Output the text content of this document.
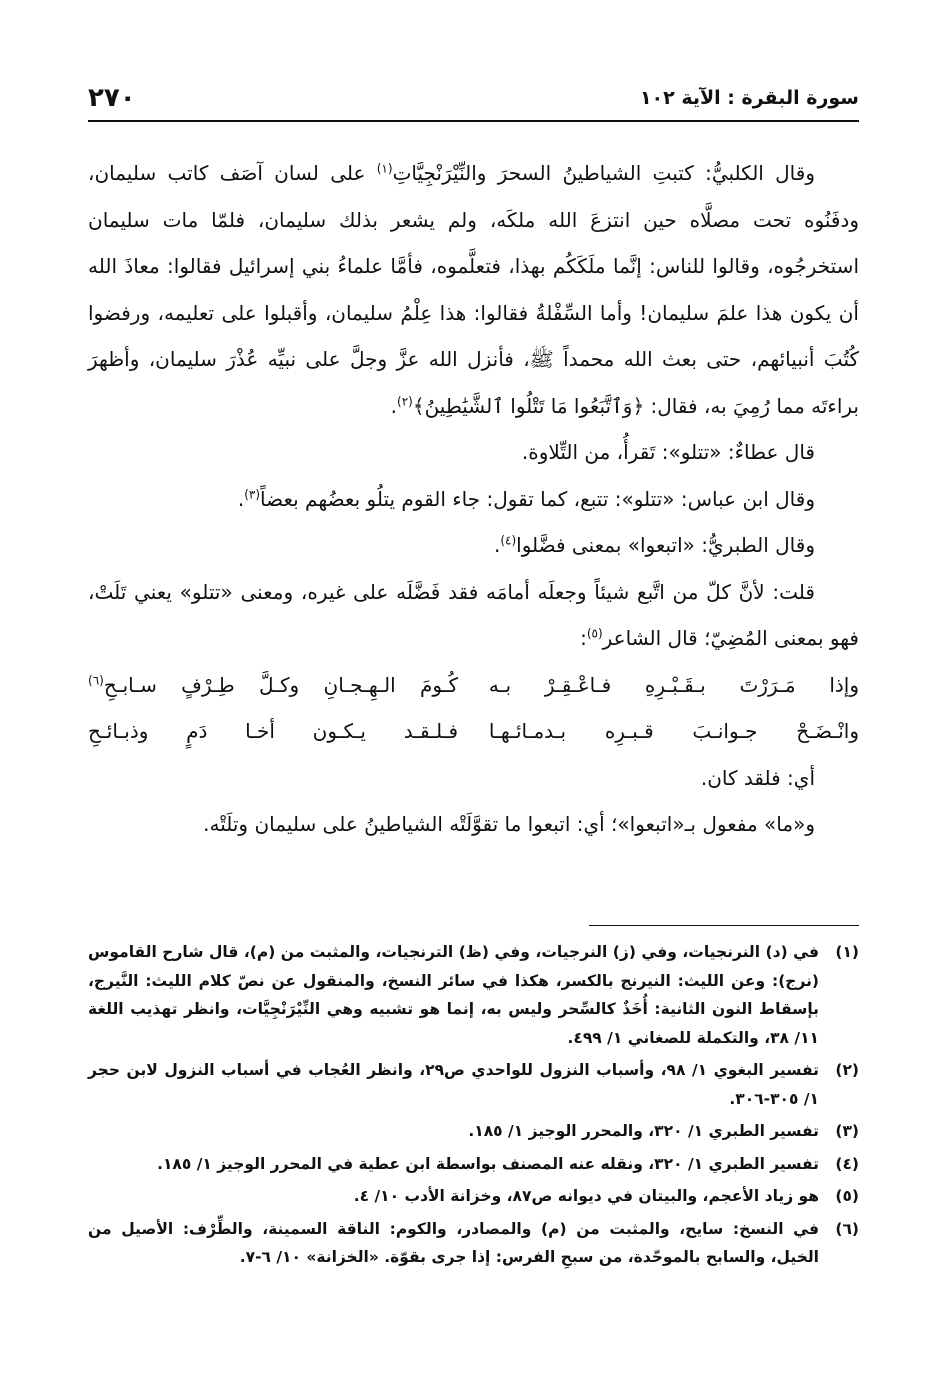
سورة البقرة : الآية ١٠٢
٢٧٠

وقال الكلبيُّ: كتبتِ الشياطينُ السحرَ والنِّيْرَنْجِيَّاتِ$^{(١)}$ على لسان آصَف كاتب سليمان، ودفَنُوه تحت مصلَّاه حين انتزعَ الله ملكَه، ولم يشعر بذلك سليمان، فلمّا مات سليمان استخرجُوه، وقالوا للناس: إنَّما ملَكَكُم بهذا، فتعلَّموه، فأمَّا علماءُ بني إسرائيل فقالوا: معاذَ الله أن يكون هذا علمَ سليمان! وأما السِّفْلةُ فقالوا: هذا عِلْمُ سليمان، وأقبلوا على تعليمه، ورفضوا كُتُبَ أنبيائهم، حتى بعث الله محمداً ﷺ، فأنزل الله عزَّ وجلَّ على نبيِّه عُذْرَ سليمان، وأظهرَ براءتَه مما رُمِيَ به، فقال: ﴿وَٱتَّبَعُوا مَا تَتْلُوا ٱلشَّيَٰطِينُ﴾$^{(٢)}$.

قال عطاءٌ: «تتلو»: تَقرأُ، من التِّلاوة.

وقال ابن عباس: «تتلو»: تتبع، كما تقول: جاء القوم يتلُو بعضُهم بعضاً$^{(٣)}$.

وقال الطبريُّ: «اتبعوا» بمعنى فضَّلوا$^{(٤)}$.

قلت: لأنَّ كلّ من اتَّبع شيئاً وجعلَه أمامَه فقد فَضَّلَه على غيره، ومعنى «تتلو» يعني تَلَتْ، فهو بمعنى المُضِيّ؛ قال الشاعر$^{(٥)}$:

وإذا مَـرَرْتَ بـقَـبْـرِهِ فـاعْـقِـرْ بـه
كُـومَ الـهِـجـانِ وكـلَّ طِـرْفٍ سـابـحِ$^{(٦)}$
وانْـضَـحْ جـوانـبَ قـبـرِه بـدمـائـهـا
فـلـقـد يـكـون أخـا دَمٍ وذبـائـحِ

أي: فلقد كان.

و«ما» مفعول بـ«اتبعوا»؛ أي: اتبعوا ما تقوَّلَتْه الشياطينُ على سليمان وتلَتْه.

(١)
في (د) النرنجيات، وفي (ز) النرجيات، وفي (ظ) الترنجيات، والمثبت من (م)، قال شارح القاموس (نرج): وعن الليث: النيرنج بالكسر، هكذا في سائر النسخ، والمنقول عن نصّ كلام الليث: النَّيرج، بإسقاط النون الثانية: أُخَذٌ كالسِّحر وليس به، إنما هو تشبيه وهي النِّيْرَنْجِيَّات، وانظر تهذيب اللغة ١١/ ٣٨، والتكملة للصغاني ١/ ٤٩٩.
(٢)
تفسير البغوي ١/ ٩٨، وأسباب النزول للواحدي ص٢٩، وانظر العُجاب في أسباب النزول لابن حجر ١/ ٣٠٥-٣٠٦.
(٣)
تفسير الطبري ١/ ٣٢٠، والمحرر الوجيز ١/ ١٨٥.
(٤)
تفسير الطبري ١/ ٣٢٠، ونقله عنه المصنف بواسطة ابن عطية في المحرر الوجيز ١/ ١٨٥.
(٥)
هو زياد الأعجم، والبيتان في ديوانه ص٨٧، وخزانة الأدب ١٠/ ٤.
(٦)
في النسخ: سايح، والمثبت من (م) والمصادر، والكوم: الناقة السمينة، والطِّرْف: الأصيل من الخيل، والسابح بالموحّدة، من سبحِ الفرس: إذا جرى بقوّة. «الخزانة» ١٠/ ٦-٧.
